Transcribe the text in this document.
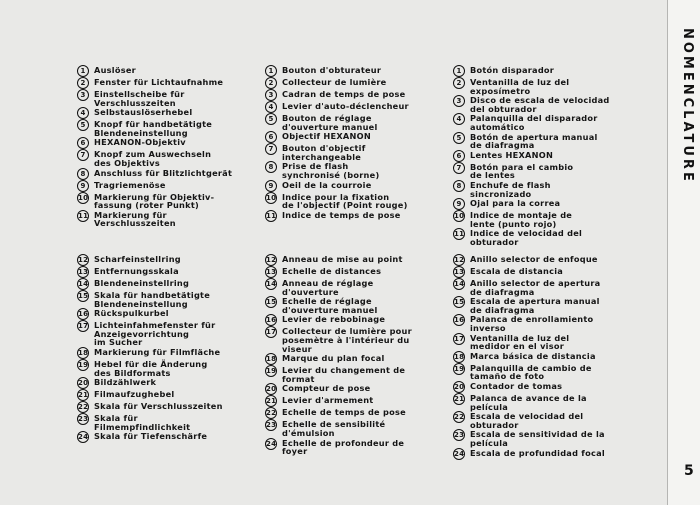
1	Auslöser
2	Fenster für Lichtaufnahme
3	Einstellscheibe für
Verschlusszeiten
4	Selbstauslöserhebel
5	Knopf für handbetätigte
Blendeneinstellung
6	HEXANON-Objektiv
7	Knopf zum Auswechseln
des Objektivs
8	Anschluss für Blitzlichtgerät
9	Tragriemenöse
10 Markierung für Objektiv-
fassung (roter Punkt)
11 Markierung für
Verschlusszeiten
12 Scharfeinstellring
13 Entfernungsskala
14 Blendeneinstellring
15 Skala für handbetätigte
Blendeneinstellung
16 Rückspulkurbel
17 Lichteinfahmefenster für
Anzeigevorrichtung
im Sucher
18 Markierung für Filmfläche
19 Hebel für die Änderung
des Bildformats
20 Bildzählwerk
21 Filmaufzughebel
22 Skala für Verschlusszeiten
23 Skala für
Filmempfindlichkeit
24 Skala für Tiefenschärfe
1	Bouton d'obturateur
2	Collecteur de lumière
3	Cadran de temps de pose
4	Levier d'auto-déclencheur
5	Bouton de réglage
d'ouverture manuel
6	Objectif HEXANON
7	Bouton d'objectif
interchangeable
8	Prise de flash
synchronisé (borne)
9	Oeil de la courroie
10 Indice pour la fixation
de l'objectif (Point rouge)
11 Indice de temps de pose
12 Anneau de mise au point
13 Echelle de distances
14 Anneau de réglage
d'ouverture
15 Echelle de réglage
d'ouverture manuel
16 Levier de rebobinage
17 Collecteur de lumière pour
posemètre à l'intérieur du
viseur
18 Marque du plan focal
19 Levier du changement de
format
20 Compteur de pose
21 Levier d'armement
22 Echelle de temps de pose
23 Echelle de sensibilité
d'émulsion
24 Echelle de profondeur de
foyer
1	Botón disparador
2	Ventanilla de luz del
exposímetro
3	Disco de escala de velocidad
del obturador
4	Palanquilla del disparador
automático
5	Botón de apertura manual
de diafragma
6	Lentes HEXANON
7	Botón para el cambio
de lentes
8	Enchufe de flash
sincronizado
9	Ojal para la correa
10 Indice de montaje de
lente (punto rojo)
11 Indice de velocidad del
obturador
12 Anillo selector de enfoque
13 Escala de distancia
14 Anillo selector de apertura
de diafragma
15 Escala de apertura manual
de diafragma
16 Palanca de enrollamiento
inverso
17 Ventanilla de luz del
medidor en el visor
18 Marca básica de distancia
19 Palanquilla de cambio de
tamaño de foto
20 Contador de tomas
21 Palanca de avance de la
película
22 Escala de velocidad del
obturador
23 Escala de sensitividad de la
película
24 Escala de profundidad focal
NOMENCLATURE
5
